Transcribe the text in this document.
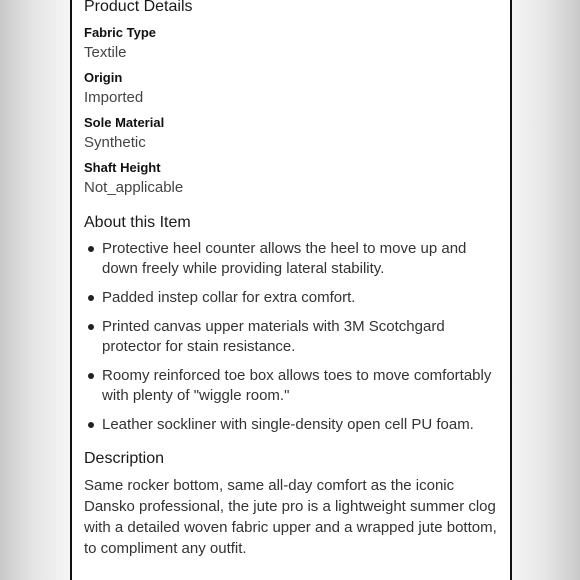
Product Details
Fabric Type
Textile
Origin
Imported
Sole Material
Synthetic
Shaft Height
Not_applicable
About this Item
Protective heel counter allows the heel to move up and down freely while providing lateral stability.
Padded instep collar for extra comfort.
Printed canvas upper materials with 3M Scotchgard protector for stain resistance.
Roomy reinforced toe box allows toes to move comfortably with plenty of "wiggle room."
Leather sockliner with single-density open cell PU foam.
Description
Same rocker bottom, same all-day comfort as the iconic Dansko professional, the jute pro is a lightweight summer clog with a detailed woven fabric upper and a wrapped jute bottom, to compliment any outfit.
